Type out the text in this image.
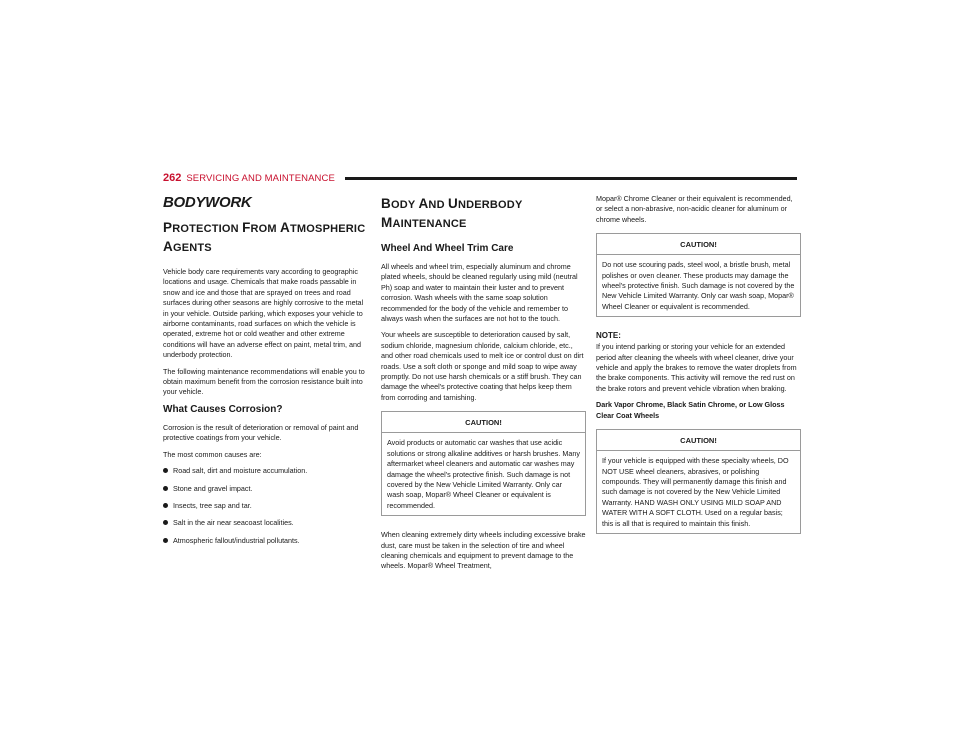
262 SERVICING AND MAINTENANCE
BODYWORK
PROTECTION FROM ATMOSPHERIC
AGENTS

Vehicle body care requirements vary according to geographic locations and usage. Chemicals that make roads passable in snow and ice and those that are sprayed on trees and road surfaces during other seasons are highly corrosive to the metal in your vehicle. Outside parking, which exposes your vehicle to airborne contaminants, road surfaces on which the vehicle is operated, extreme hot or cold weather and other extreme conditions will have an adverse effect on paint, metal trim, and underbody protection.

The following maintenance recommendations will enable you to obtain maximum benefit from the corrosion resistance built into your vehicle.

What Causes Corrosion?

Corrosion is the result of deterioration or removal of paint and protective coatings from your vehicle.

The most common causes are:

Road salt, dirt and moisture accumulation.
Stone and gravel impact.
Insects, tree sap and tar.
Salt in the air near seacoast localities.
Atmospheric fallout/industrial pollutants.
BODY AND UNDERBODY MAINTENANCE
Wheel And Wheel Trim Care

All wheels and wheel trim, especially aluminum and chrome plated wheels, should be cleaned regularly using mild (neutral Ph) soap and water to maintain their luster and to prevent corrosion. Wash wheels with the same soap solution recommended for the body of the vehicle and remember to always wash when the surfaces are not hot to the touch.

Your wheels are susceptible to deterioration caused by salt, sodium chloride, magnesium chloride, calcium chloride, etc., and other road chemicals used to melt ice or control dust on dirt roads. Use a soft cloth or sponge and mild soap to wipe away promptly. Do not use harsh chemicals or a stiff brush. They can damage the wheel's protective coating that helps keep them from corroding and tarnishing.

CAUTION!

Avoid products or automatic car washes that use acidic solutions or strong alkaline additives or harsh brushes. Many aftermarket wheel cleaners and automatic car washes may damage the wheel's protective finish. Such damage is not covered by the New Vehicle Limited Warranty. Only car wash soap, Mopar® Wheel Cleaner or equivalent is recommended.

When cleaning extremely dirty wheels including excessive brake dust, care must be taken in the selection of tire and wheel cleaning chemicals and equipment to prevent damage to the wheels. Mopar® Wheel Treatment,

Mopar® Chrome Cleaner or their equivalent is recommended, or select a non-abrasive, non-acidic cleaner for aluminum or chrome wheels.

CAUTION!

Do not use scouring pads, steel wool, a bristle brush, metal polishes or oven cleaner. These products may damage the wheel's protective finish. Such damage is not covered by the New Vehicle Limited Warranty. Only car wash soap, Mopar® Wheel Cleaner or equivalent is recommended.

NOTE:

If you intend parking or storing your vehicle for an extended period after cleaning the wheels with wheel cleaner, drive your vehicle and apply the brakes to remove the water droplets from the brake components. This activity will remove the red rust on the brake rotors and prevent vehicle vibration when braking.

Dark Vapor Chrome, Black Satin Chrome, or Low Gloss Clear Coat Wheels

CAUTION!

If your vehicle is equipped with these specialty wheels, DO NOT USE wheel cleaners, abrasives, or polishing compounds. They will permanently damage this finish and such damage is not covered by the New Vehicle Limited Warranty. HAND WASH ONLY USING MILD SOAP AND WATER WITH A SOFT CLOTH. Used on a regular basis; this is all that is required to maintain this finish.
